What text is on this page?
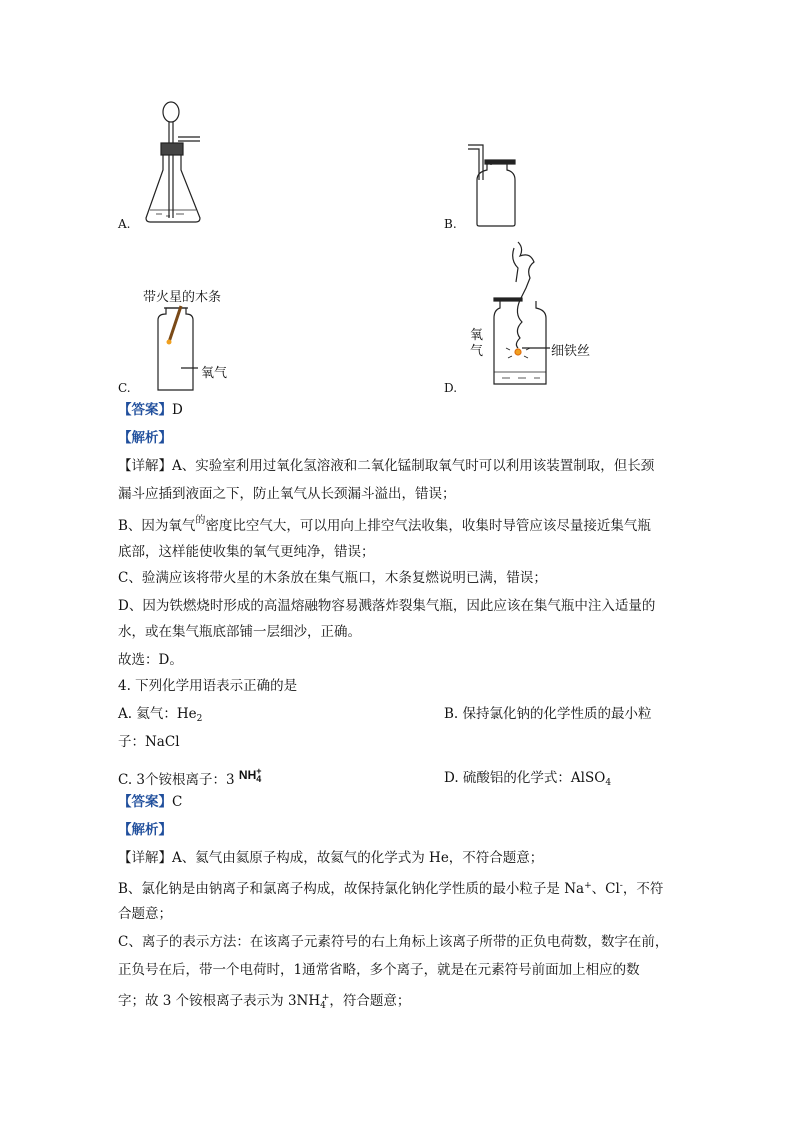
A.	B.
带火星的木条
氧气
C.
氧
气	细铁丝
D.
【答案】D
【解析】
【详解】A、实验室利用过氧化氢溶液和二氧化锰制取氧气时可以利用该装置制取，但长颈
漏斗应插到液面之下，防止氧气从长颈漏斗溢出，错误；
B、因为氧气$^的$密度比空气大，可以用向上排空气法收集，收集时导管应该尽量接近集气瓶
底部，这样能使收集的氧气更纯净，错误；
C、验满应该将带火星的木条放在集气瓶口，木条复燃说明已满，错误；
D、因为铁燃烧时形成的高温熔融物容易溅落炸裂集气瓶，因此应该在集气瓶中注入适量的
水，或在集气瓶底部铺一层细沙，正确。
故选：D。
4. 下列化学用语表示正确的是
A. 氦气：$He_2$	B. 保持氯化钠的化学性质的最小粒
子：NaCl
C. 3个铵根离子：3 $NH_4^+$	D. 硫酸铝的化学式：AlSO$_4$
【答案】C
【解析】
【详解】A、氦气由氦原子构成，故氦气的化学式为 He，不符合题意；
B、氯化钠是由钠离子和氯离子构成，故保持氯化钠化学性质的最小粒子是 Na+、Cl-，不符
合题意；
C、离子的表示方法：在该离子元素符号的右上角标上该离子所带的正负电荷数，数字在前，
正负号在后，带一个电荷时，1通常省略，多个离子，就是在元素符号前面加上相应的数
字；故 3 个铵根离子表示为 $3NH_4^+$，符合题意；
